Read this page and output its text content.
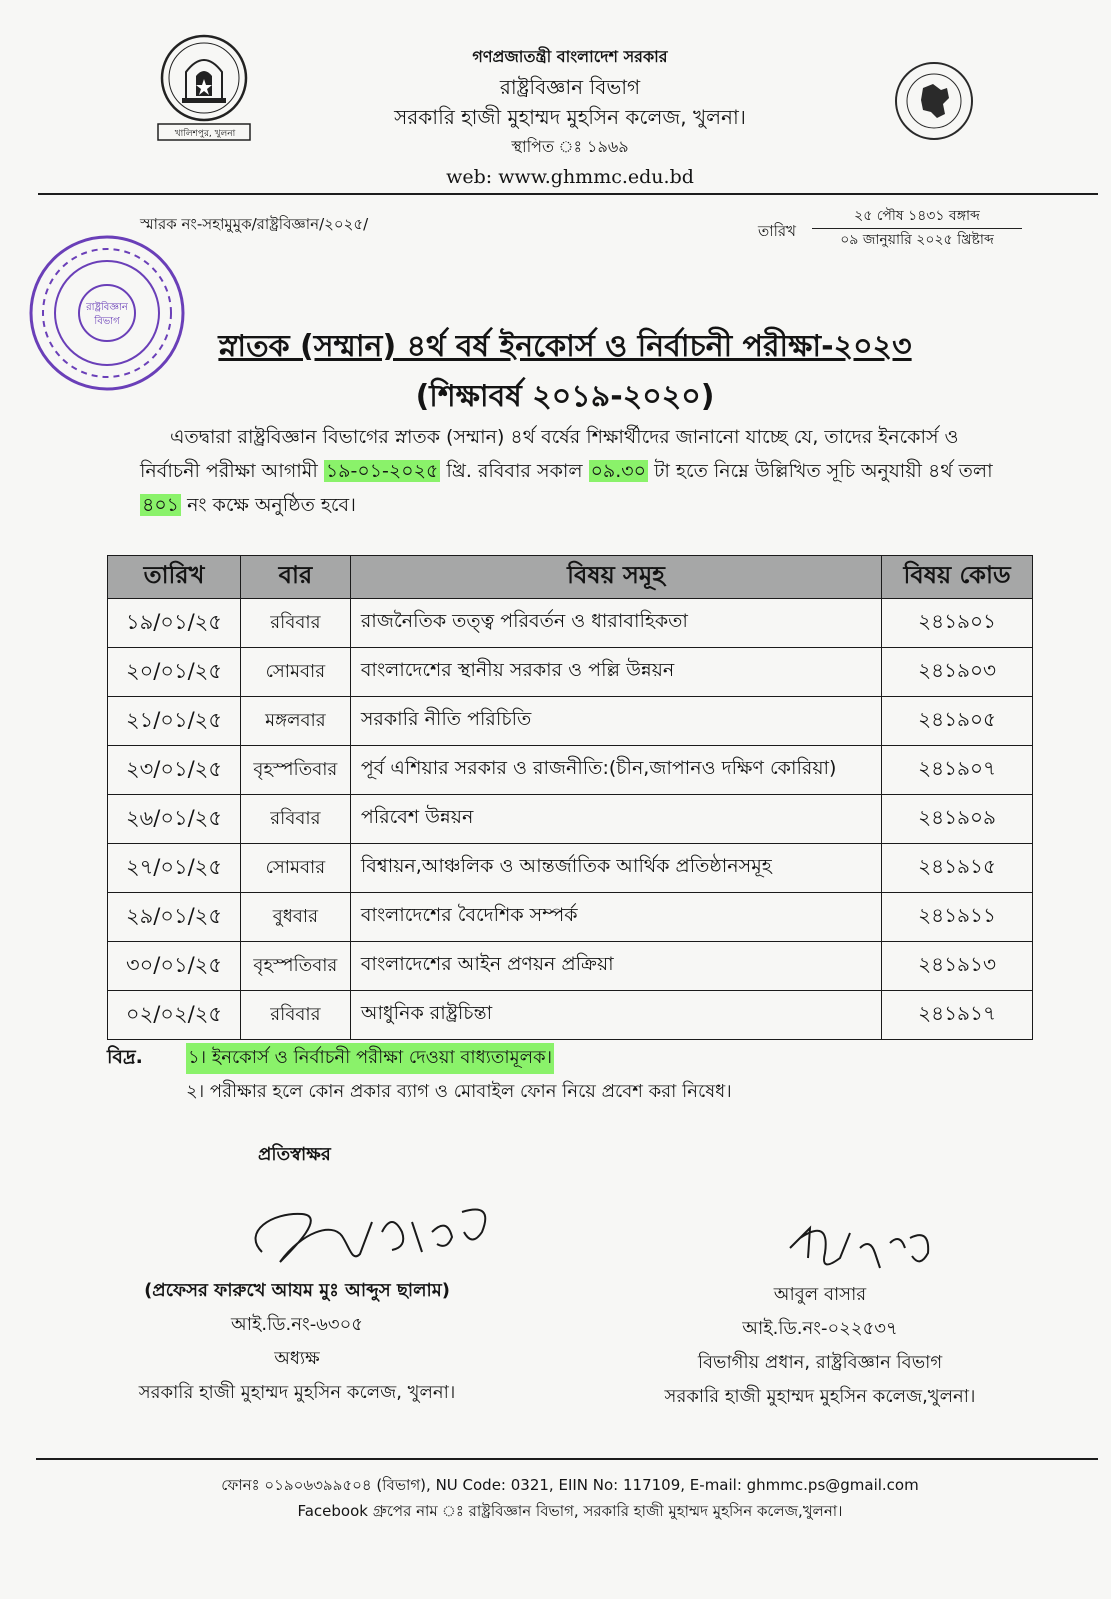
খালিশপুর, খুলনা
গণপ্রজাতন্ত্রী বাংলাদেশ সরকার
রাষ্ট্রবিজ্ঞান বিভাগ
সরকারি হাজী মুহাম্মদ মুহসিন কলেজ, খুলনা।
স্থাপিত ঃ ১৯৬৯
web: www.ghmmc.edu.bd
স্মারক নং-সহামুমুক/রাষ্ট্রবিজ্ঞান/২০২৫/	তারিখ
২৫ পৌষ ১৪৩১ বঙ্গাব্দ
০৯ জানুয়ারি ২০২৫ খ্রিষ্টাব্দ
রাষ্ট্রবিজ্ঞান
বিভাগ
স্নাতক (সম্মান) ৪র্থ বর্ষ ইনকোর্স ও নির্বাচনী পরীক্ষা-২০২৩
(শিক্ষাবর্ষ ২০১৯-২০২০)
এতদ্বারা রাষ্ট্রবিজ্ঞান বিভাগের স্নাতক (সম্মান) ৪র্থ বর্ষের শিক্ষার্থীদের জানানো যাচ্ছে যে, তাদের ইনকোর্স ও
নির্বাচনী পরীক্ষা আগামী ১৯-০১-২০২৫ খ্রি. রবিবার সকাল ০৯.৩০ টা হতে নিম্নে উল্লিখিত সূচি অনুযায়ী ৪র্থ তলা
৪০১ নং কক্ষে অনুষ্ঠিত হবে।
তারিখ	বার	বিষয় সমূহ	বিষয় কোড
১৯/০১/২৫	রবিবার	রাজনৈতিক তত্ত্ব পরিবর্তন ও ধারাবাহিকতা	২৪১৯০১
২০/০১/২৫	সোমবার	বাংলাদেশের স্থানীয় সরকার ও পল্লি উন্নয়ন	২৪১৯০৩
২১/০১/২৫	মঙ্গলবার	সরকারি নীতি পরিচিতি	২৪১৯০৫
২৩/০১/২৫	বৃহস্পতিবার	পূর্ব এশিয়ার সরকার ও রাজনীতি:(চীন,জাপানও দক্ষিণ কোরিয়া)	২৪১৯০৭
২৬/০১/২৫	রবিবার	পরিবেশ উন্নয়ন	২৪১৯০৯
২৭/০১/২৫	সোমবার	বিশ্বায়ন,আঞ্চলিক ও আন্তর্জাতিক আর্থিক প্রতিষ্ঠানসমূহ	২৪১৯১৫
২৯/০১/২৫	বুধবার	বাংলাদেশের বৈদেশিক সম্পর্ক	২৪১৯১১
৩০/০১/২৫	বৃহস্পতিবার	বাংলাদেশের আইন প্রণয়ন প্রক্রিয়া	২৪১৯১৩
০২/০২/২৫	রবিবার	আধুনিক রাষ্ট্রচিন্তা	২৪১৯১৭
বিদ্র.	১। ইনকোর্স ও নির্বাচনী পরীক্ষা দেওয়া বাধ্যতামূলক।
২। পরীক্ষার হলে কোন প্রকার ব্যাগ ও মোবাইল ফোন নিয়ে প্রবেশ করা নিষেধ।
প্রতিস্বাক্ষর
(প্রফেসর ফারুখে আযম মুঃ আব্দুস ছালাম)
আই.ডি.নং-৬৩০৫
অধ্যক্ষ
সরকারি হাজী মুহাম্মদ মুহসিন কলেজ, খুলনা।
আবুল বাসার
আই.ডি.নং-০২২৫৩৭
বিভাগীয় প্রধান, রাষ্ট্রবিজ্ঞান বিভাগ
সরকারি হাজী মুহাম্মদ মুহসিন কলেজ,খুলনা।
ফোনঃ ০১৯০৬৩৯৯৫০৪ (বিভাগ), NU Code: 0321, EIIN No: 117109, E-mail: ghmmc.ps@gmail.com
Facebook গ্রুপের নাম ঃ রাষ্ট্রবিজ্ঞান বিভাগ, সরকারি হাজী মুহাম্মদ মুহসিন কলেজ,খুলনা।
